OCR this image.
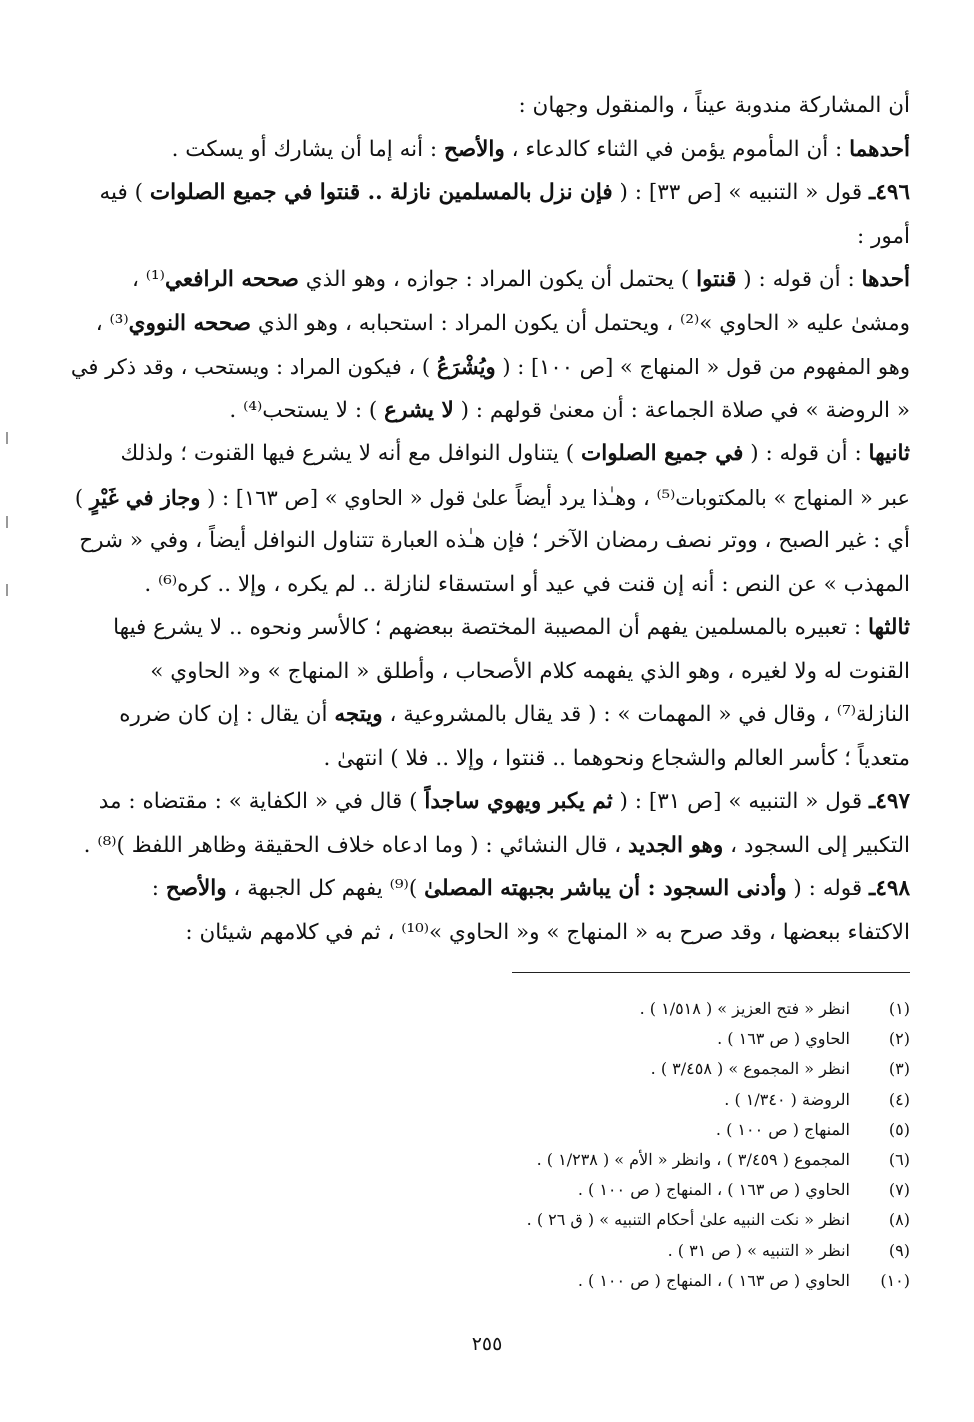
أن المشاركة مندوبة عيناً ، والمنقول وجهان :
أحدهما : أن المأموم يؤمن في الثناء كالدعاء ، والأصح : أنه إما أن يشارك أو يسكت .
٤٩٦ـ قول « التنبيه » [ص ٣٣] : ( فإن نزل بالمسلمين نازلة .. قنتوا في جميع الصلوات ) فيه
أمور :
أحدها : أن قوله : ( قنتوا ) يحتمل أن يكون المراد : جوازه ، وهو الذي صححه الرافعي⁽¹⁾ ،
ومشىٰ عليه « الحاوي »⁽²⁾ ، ويحتمل أن يكون المراد : استحبابه ، وهو الذي صححه النووي⁽³⁾ ،
وهو المفهوم من قول « المنهاج » [ص ١٠٠] : ( ويُشْرَعُ ) ، فيكون المراد : ويستحب ، وقد ذكر في
« الروضة » في صلاة الجماعة : أن معنىٰ قولهم : ( لا يشرع ) : لا يستحب⁽⁴⁾ .
ثانيها : أن قوله : ( في جميع الصلوات ) يتناول النوافل مع أنه لا يشرع فيها القنوت ؛ ولذلك
عبر « المنهاج » بالمكتوبات⁽⁵⁾ ، وهـٰذا يرد أيضاً علىٰ قول « الحاوي » [ص ١٦٣] : ( وجاز في غَيْرٍ )
أي : غير الصبح ، ووتر نصف رمضان الآخر ؛ فإن هـٰذه العبارة تتناول النوافل أيضاً ، وفي « شرح
المهذب » عن النص : أنه إن قنت في عيد أو استسقاء لنازلة .. لم يكره ، وإلا .. كره⁽⁶⁾ .
ثالثها : تعبيره بالمسلمين يفهم أن المصيبة المختصة ببعضهم ؛ كالأسر ونحوه .. لا يشرع فيها
القنوت له ولا لغيره ، وهو الذي يفهمه كلام الأصحاب ، وأطلق « المنهاج » و« الحاوي »
النازلة⁽⁷⁾ ، وقال في « المهمات » : ( قد يقال بالمشروعية ، ويتجه أن يقال : إن كان ضرره
متعدياً ؛ كأسر العالم والشجاع ونحوهما .. قنتوا ، وإلا .. فلا ) انتهىٰ .
٤٩٧ـ قول « التنبيه » [ص ٣١] : ( ثم يكبر ويهوي ساجداً ) قال في « الكفاية » : مقتضاه : مد
التكبير إلى السجود ، وهو الجديد ، قال النشائي : ( وما ادعاه خلاف الحقيقة وظاهر اللفظ )⁽⁸⁾ .
٤٩٨ـ قوله : ( وأدنى السجود : أن يباشر بجبهته المصلىٰ )⁽⁹⁾ يفهم كل الجبهة ، والأصح :
الاكتفاء ببعضها ، وقد صرح به « المنهاج » و« الحاوي »⁽¹⁰⁾ ، ثم في كلامهم شيئان :
(١)انظر « فتح العزيز » ( ١/٥١٨ ) .
(٢)الحاوي ( ص ١٦٣ ) .
(٣)انظر « المجموع » ( ٣/٤٥٨ ) .
(٤)الروضة ( ١/٣٤٠ ) .
(٥)المنهاج ( ص ١٠٠ ) .
(٦)المجموع ( ٣/٤٥٩ ) ، وانظر « الأم » ( ١/٢٣٨ ) .
(٧)الحاوي ( ص ١٦٣ ) ، المنهاج ( ص ١٠٠ ) .
(٨)انظر « نكت النبيه علىٰ أحكام التنبيه » ( ق ٢٦ ) .
(٩)انظر « التنبيه » ( ص ٣١ ) .
(١٠)الحاوي ( ص ١٦٣ ) ، المنهاج ( ص ١٠٠ ) .
٢٥٥
